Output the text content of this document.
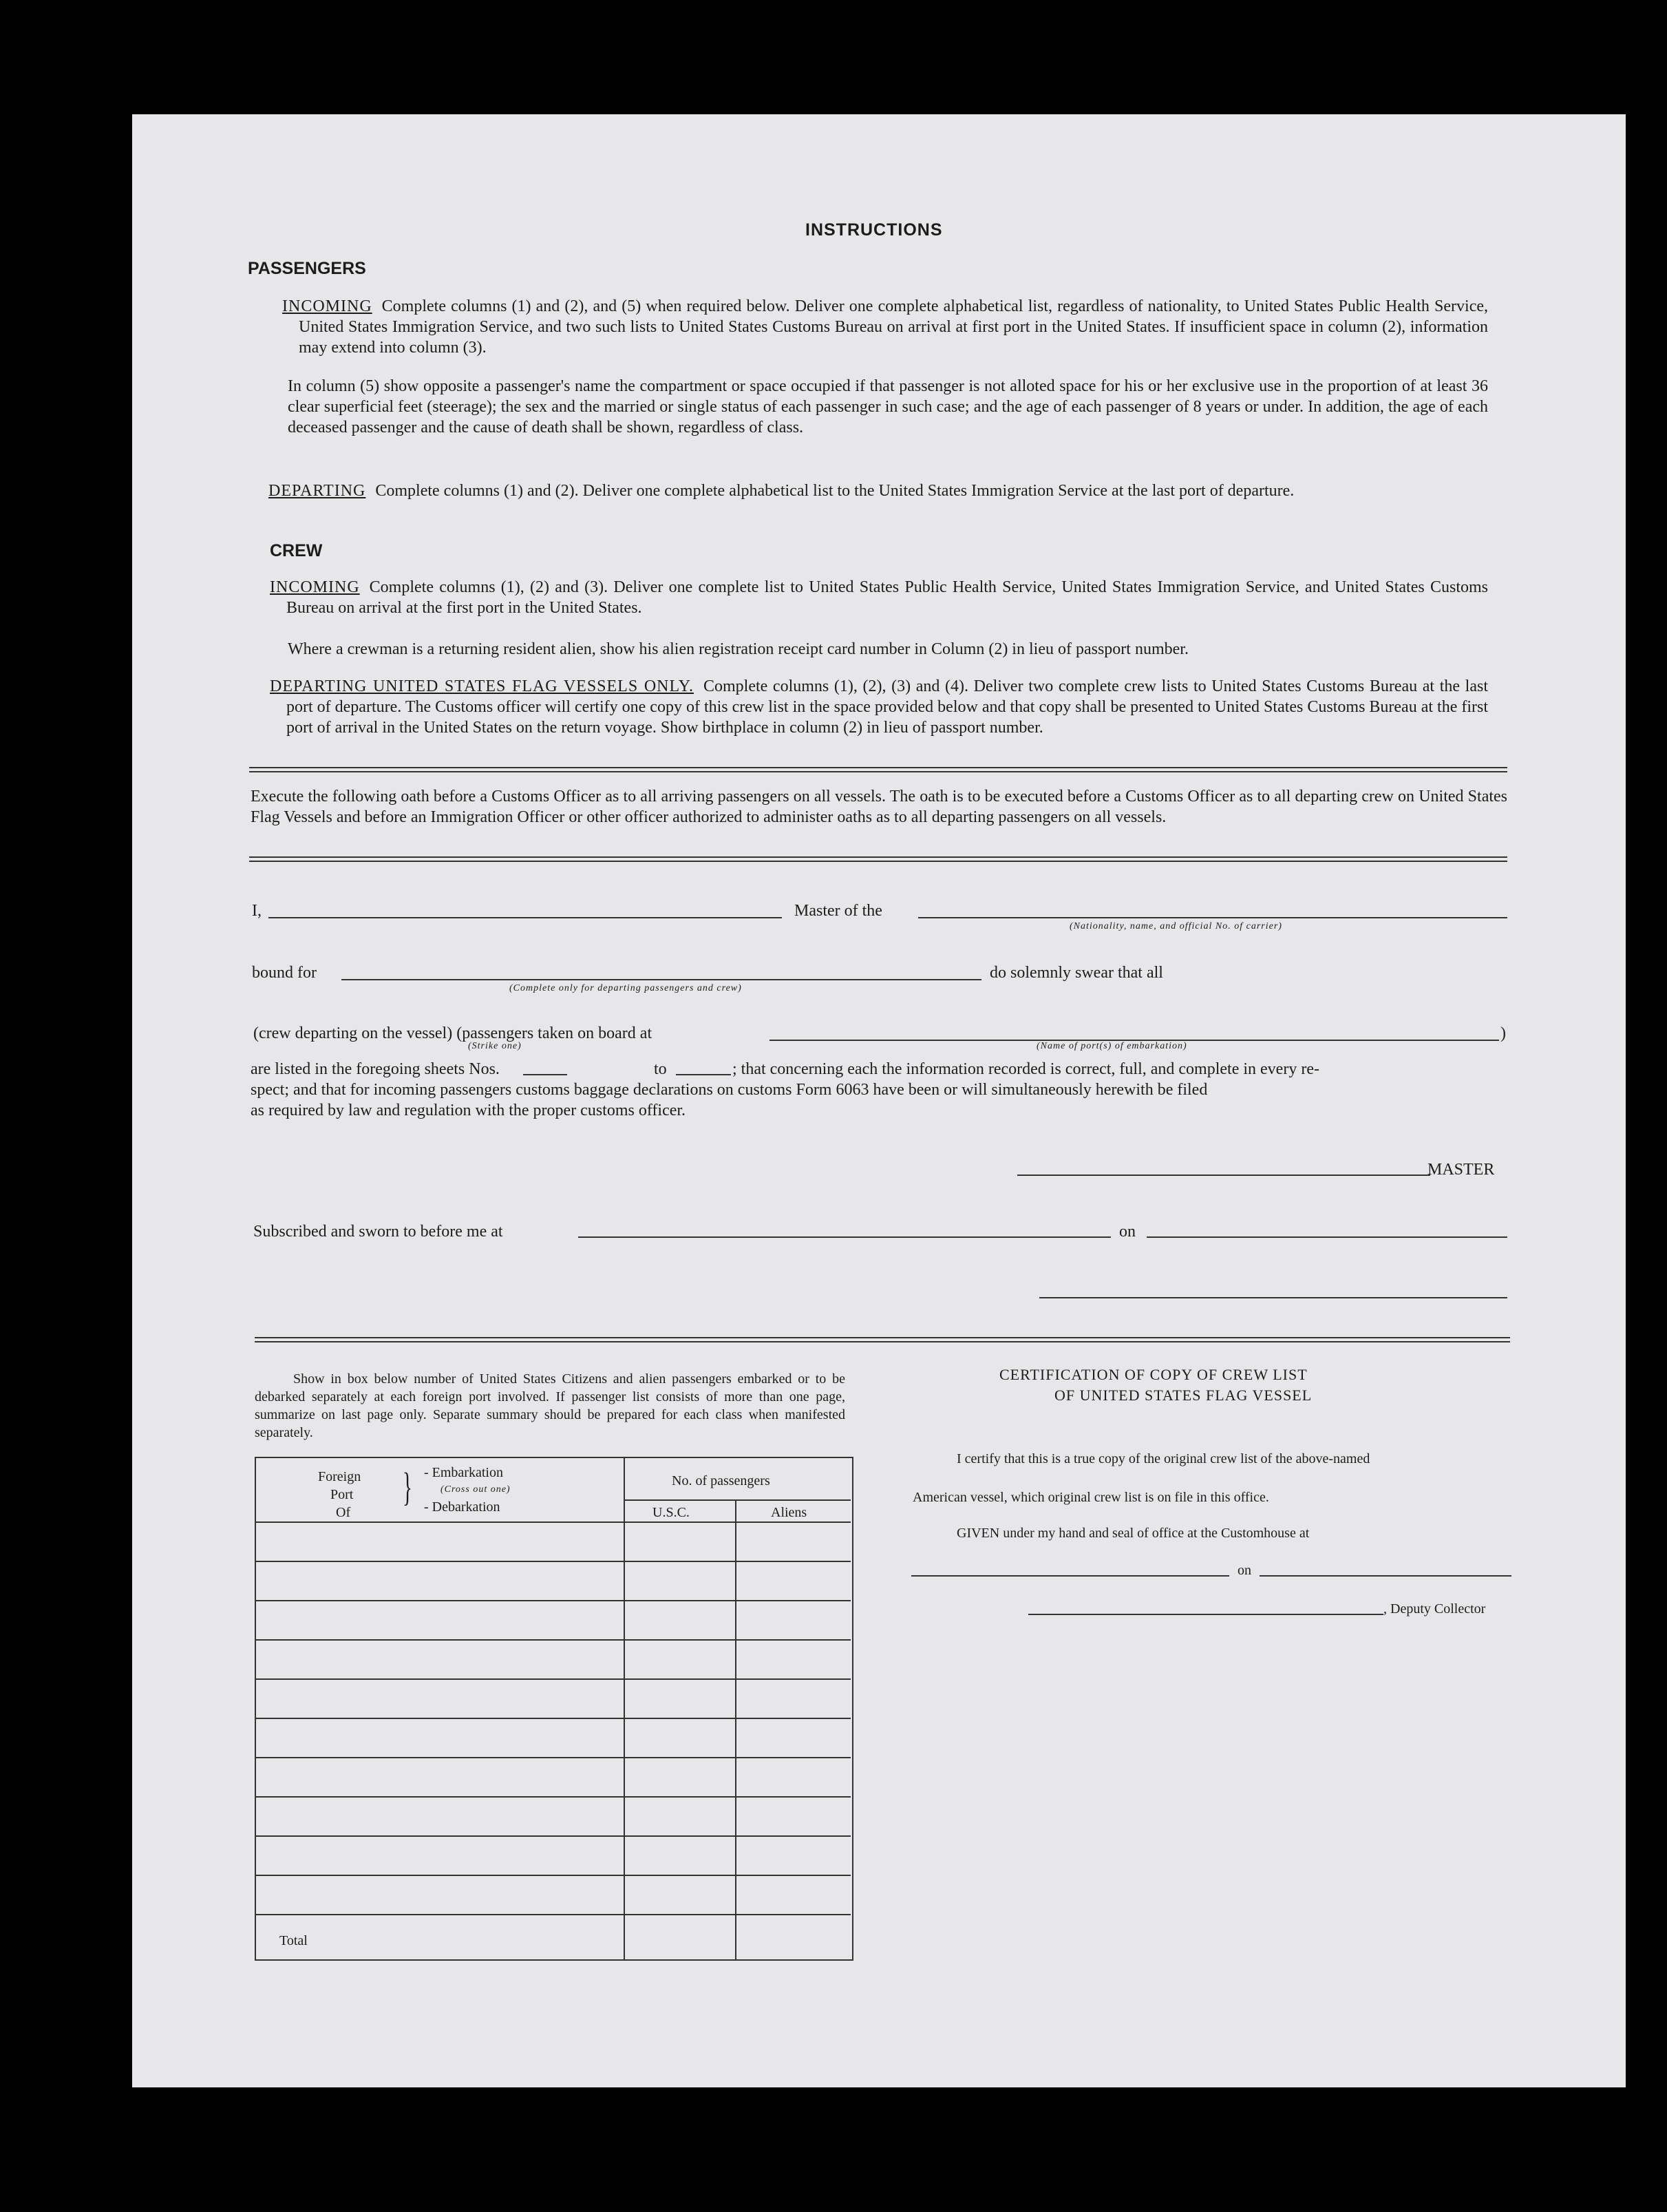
INSTRUCTIONS
PASSENGERS
INCOMING Complete columns (1) and (2), and (5) when required below. Deliver one complete alphabetical list, regardless of nationality, to United States Public Health Service, United States Immigration Service, and two such lists to United States Customs Bureau on arrival at first port in the United States. If insufficient space in column (2), information may extend into column (3).
In column (5) show opposite a passenger's name the compartment or space occupied if that passenger is not alloted space for his or her exclusive use in the proportion of at least 36 clear superficial feet (steerage); the sex and the married or single status of each passenger in such case; and the age of each passenger of 8 years or under. In addition, the age of each deceased passenger and the cause of death shall be shown, regardless of class.
DEPARTING Complete columns (1) and (2). Deliver one complete alphabetical list to the United States Immigration Service at the last port of departure.
CREW
INCOMING Complete columns (1), (2) and (3). Deliver one complete list to United States Public Health Service, United States Immigration Service, and United States Customs Bureau on arrival at the first port in the United States.
Where a crewman is a returning resident alien, show his alien registration receipt card number in Column (2) in lieu of passport number.
DEPARTING UNITED STATES FLAG VESSELS ONLY. Complete columns (1), (2), (3) and (4). Deliver two complete crew lists to United States Customs Bureau at the last port of departure. The Customs officer will certify one copy of this crew list in the space provided below and that copy shall be presented to United States Customs Bureau at the first port of arrival in the United States on the return voyage. Show birthplace in column (2) in lieu of passport number.
Execute the following oath before a Customs Officer as to all arriving passengers on all vessels. The oath is to be executed before a Customs Officer as to all departing crew on United States Flag Vessels and before an Immigration Officer or other officer authorized to administer oaths as to all departing passengers on all vessels.
I,	Master of the
(Nationality, name, and official No. of carrier)
bound for
(Complete only for departing passengers and crew)
do solemnly swear that all
(crew departing on the vessel) (passengers taken on board at
(Strike one)
)
(Name of port(s) of embarkation)
are listed in the foregoing sheets Nos.	to	; that concerning each the information recorded is correct, full, and complete in every re-
spect; and that for incoming passengers customs baggage declarations on customs Form 6063 have been or will simultaneously herewith be filed
as required by law and regulation with the proper customs officer.
MASTER
Subscribed and sworn to before me at	on
Show in box below number of United States Citizens and alien passengers embarked or to be debarked separately at each foreign port involved. If passenger list consists of more than one page, summarize on last page only. Separate summary should be prepared for each class when manifested separately.
Foreign
Port
Of
} - Embarkation
(Cross out one)
- Debarkation
No. of passengers
U.S.C.	Aliens
Total
CERTIFICATION OF COPY OF CREW LIST
OF UNITED STATES FLAG VESSEL
I certify that this is a true copy of the original crew list of the above-named
American vessel, which original crew list is on file in this office.
GIVEN under my hand and seal of office at the Customhouse at
on
, Deputy Collector
